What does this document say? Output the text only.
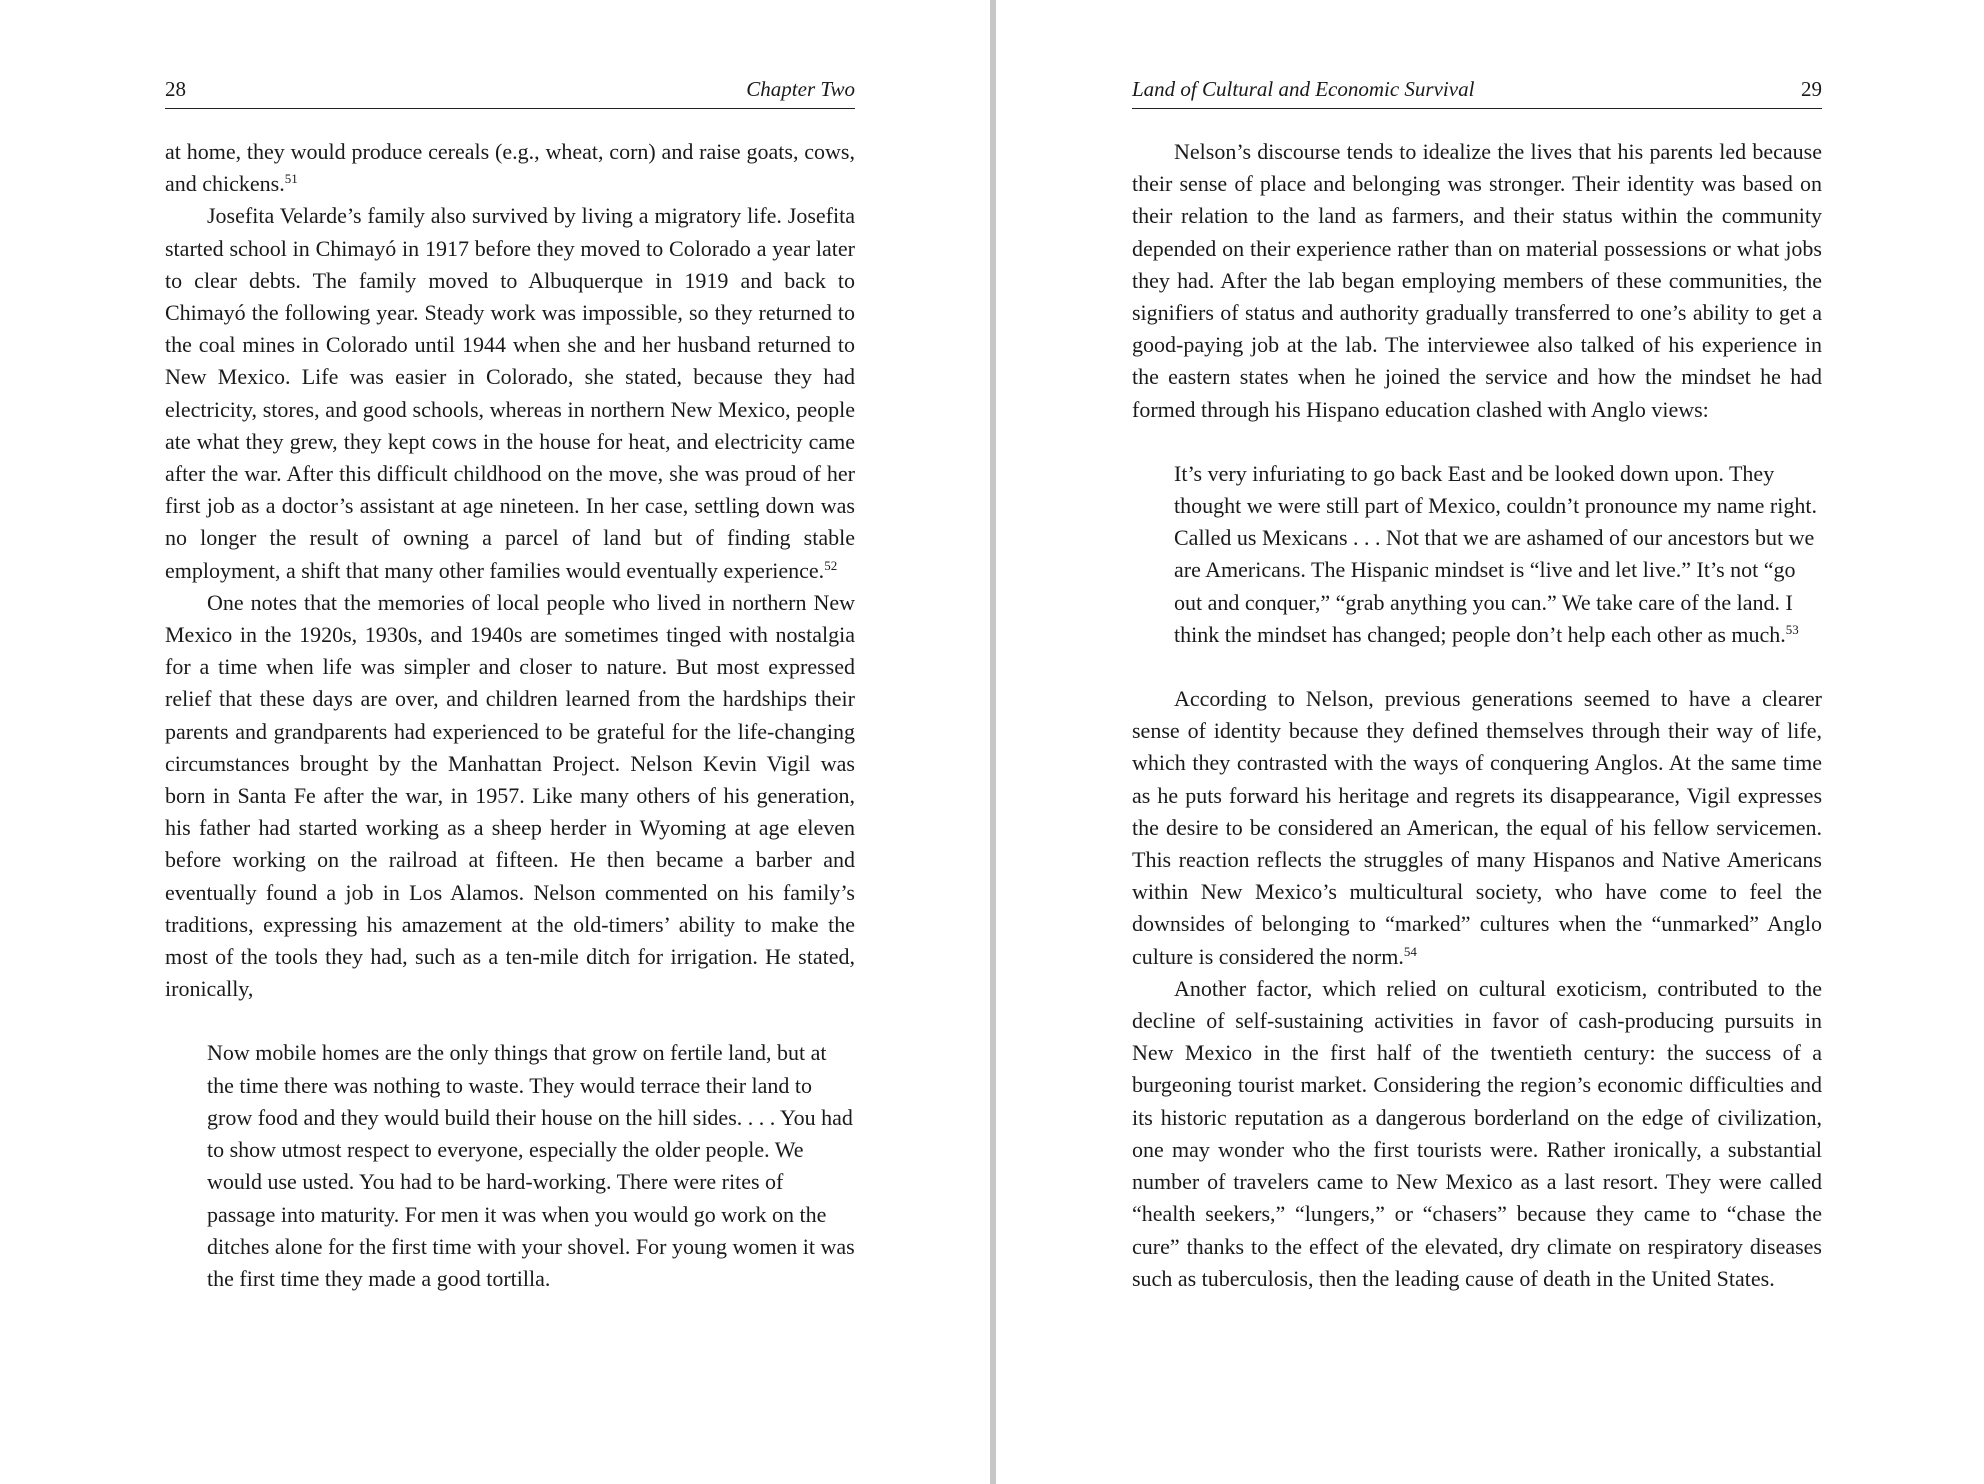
28	Chapter Two

at home, they would produce cereals (e.g., wheat, corn) and raise goats, cows, and chickens.$^{51}$

Josefita Velarde’s family also survived by living a migratory life. Josefita started school in Chimayó in 1917 before they moved to Colorado a year later to clear debts. The family moved to Albuquerque in 1919 and back to Chimayó the following year. Steady work was impossible, so they returned to the coal mines in Colorado until 1944 when she and her husband returned to New Mexico. Life was easier in Colorado, she stated, because they had electricity, stores, and good schools, whereas in northern New Mexico, people ate what they grew, they kept cows in the house for heat, and electricity came after the war. After this difficult childhood on the move, she was proud of her first job as a doctor’s assistant at age nineteen. In her case, settling down was no longer the result of owning a parcel of land but of finding stable employment, a shift that many other families would eventually experience.$^{52}$

One notes that the memories of local people who lived in northern New Mexico in the 1920s, 1930s, and 1940s are sometimes tinged with nostalgia for a time when life was simpler and closer to nature. But most expressed relief that these days are over, and children learned from the hardships their parents and grandparents had experienced to be grateful for the life-changing circumstances brought by the Manhattan Project. Nelson Kevin Vigil was born in Santa Fe after the war, in 1957. Like many others of his generation, his father had started working as a sheep herder in Wyoming at age eleven before working on the railroad at fifteen. He then became a barber and eventually found a job in Los Alamos. Nelson commented on his family’s traditions, expressing his amazement at the old-timers’ ability to make the most of the tools they had, such as a ten-mile ditch for irrigation. He stated, ironically,

Now mobile homes are the only things that grow on fertile land, but at the time there was nothing to waste. They would terrace their land to grow food and they would build their house on the hill sides. . . . You had to show utmost respect to everyone, especially the older people. We would use usted. You had to be hard-working. There were rites of passage into maturity. For men it was when you would go work on the ditches alone for the first time with your shovel. For young women it was the first time they made a good tortilla.

Land of Cultural and Economic Survival	29

Nelson’s discourse tends to idealize the lives that his parents led because their sense of place and belonging was stronger. Their identity was based on their relation to the land as farmers, and their status within the community depended on their experience rather than on material possessions or what jobs they had. After the lab began employing members of these communities, the signifiers of status and authority gradually transferred to one’s ability to get a good-paying job at the lab. The interviewee also talked of his experience in the eastern states when he joined the service and how the mindset he had formed through his Hispano education clashed with Anglo views:

It’s very infuriating to go back East and be looked down upon. They thought we were still part of Mexico, couldn’t pronounce my name right. Called us Mexicans . . . Not that we are ashamed of our ancestors but we are Americans. The Hispanic mindset is “live and let live.” It’s not “go out and conquer,” “grab anything you can.” We take care of the land. I think the mindset has changed; people don’t help each other as much.$^{53}$

According to Nelson, previous generations seemed to have a clearer sense of identity because they defined themselves through their way of life, which they contrasted with the ways of conquering Anglos. At the same time as he puts forward his heritage and regrets its disappearance, Vigil expresses the desire to be considered an American, the equal of his fellow servicemen. This reaction reflects the struggles of many Hispanos and Native Americans within New Mexico’s multicultural society, who have come to feel the downsides of belonging to “marked” cultures when the “unmarked” Anglo culture is considered the norm.$^{54}$

Another factor, which relied on cultural exoticism, contributed to the decline of self-sustaining activities in favor of cash-producing pursuits in New Mexico in the first half of the twentieth century: the success of a burgeoning tourist market. Considering the region’s economic difficulties and its historic reputation as a dangerous borderland on the edge of civilization, one may wonder who the first tourists were. Rather ironically, a substantial number of travelers came to New Mexico as a last resort. They were called “health seekers,” “lungers,” or “chasers” because they came to “chase the cure” thanks to the effect of the elevated, dry climate on respiratory diseases such as tuberculosis, then the leading cause of death in the United States.
